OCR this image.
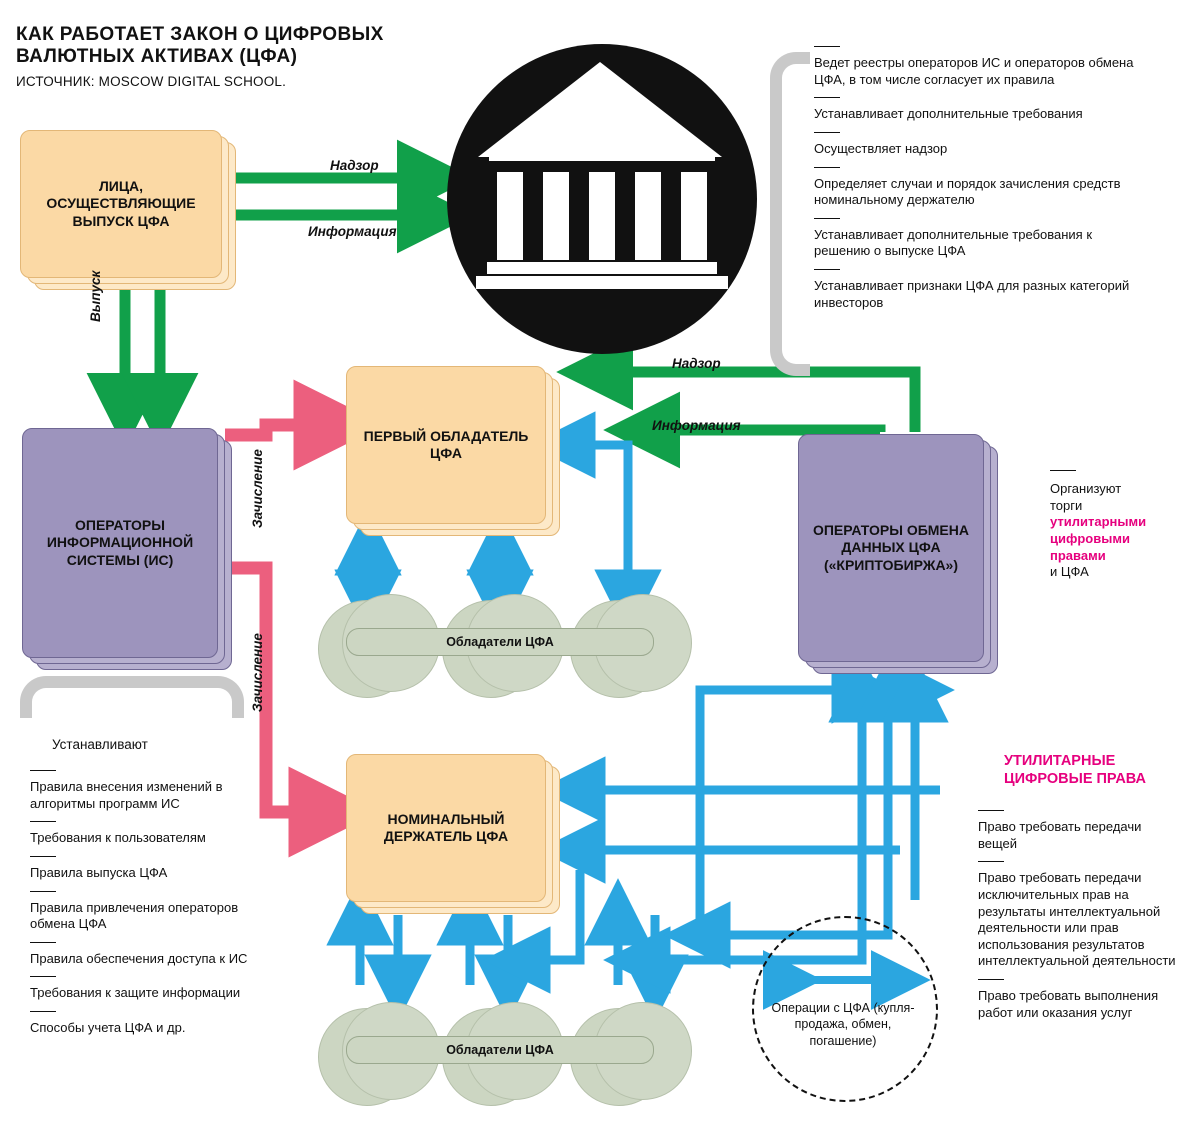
КАК РАБОТАЕТ ЗАКОН О ЦИФРОВЫХ ВАЛЮТНЫХ АКТИВАХ (ЦФА)
ИСТОЧНИК: MOSCOW DIGITAL SCHOOL.
ЦЕНТРАЛЬНЫЙ БАНК
ЛИЦА, ОСУЩЕСТВЛЯЮЩИЕ ВЫПУСК ЦФА
ОПЕРАТОРЫ ИНФОРМАЦИОННОЙ СИСТЕМЫ (ИС)
ПЕРВЫЙ ОБЛАДАТЕЛЬ ЦФА
НОМИНАЛЬНЫЙ ДЕРЖАТЕЛЬ ЦФА
ОПЕРАТОРЫ ОБМЕНА ДАННЫХ ЦФА («КРИПТОБИРЖА»)
Обладатели ЦФА
Обладатели ЦФА
Надзор
Информация
Выпуск
Зачисление
Зачисление
Надзор
Информация
Ведет реестры операторов ИС и операторов обмена ЦФА, в том числе согласует их правила
Устанавливает дополнительные требования
Осуществляет надзор
Определяет случаи и порядок зачисления средств номинальному держателю
Устанавливает дополнительные требования к решению о выпуске ЦФА
Устанавливает признаки ЦФА для разных категорий инвесторов
Устанавливают
Правила внесения изменений в алгоритмы программ ИС
Требования к пользователям
Правила выпуска ЦФА
Правила привлечения операторов обмена ЦФА
Правила обеспечения доступа к ИС
Требования к защите информации
Способы учета ЦФА и др.
Организуют
торги
утилитарными цифровыми правами
и ЦФА
УТИЛИТАРНЫЕ ЦИФРОВЫЕ ПРАВА
Право требовать передачи вещей
Право требовать передачи исключительных прав на результаты интеллектуальной деятельности или прав использования результатов интеллектуальной деятельности
Право требовать выполнения работ или оказания услуг
Операции с ЦФА (купля-продажа, обмен, погашение)
